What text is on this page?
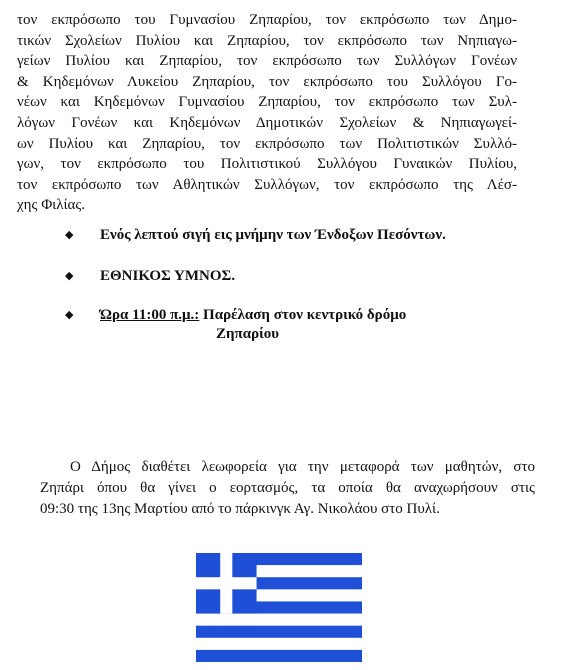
τον εκπρόσωπο του Γυμνασίου Ζηπαρίου, τον εκπρόσωπο των Δημο-
τικών Σχολείων Πυλίου και Ζηπαρίου, τον εκπρόσωπο των Νηπιαγω-
γείων Πυλίου και Ζηπαρίου, τον εκπρόσωπο των Συλλόγων Γονέων
& Κηδεμόνων Λυκείου Ζηπαρίου, τον εκπρόσωπο του Συλλόγου Γο-
νέων και Κηδεμόνων Γυμνασίου Ζηπαρίου, τον εκπρόσωπο των Συλ-
λόγων Γονέων και Κηδεμόνων Δημοτικών Σχολείων & Νηπιαγωγεί-
ων Πυλίου και Ζηπαρίου, τον εκπρόσωπο των Πολιτιστικών Συλλό-
γων, τον εκπρόσωπο του Πολιτιστικού Συλλόγου Γυναικών Πυλίου,
τον εκπρόσωπο των Αθλητικών Συλλόγων, τον εκπρόσωπο της Λέσ-
χης Φιλίας.
◆ Ενός λεπτού σιγή εις μνήμην των Ένδοξων Πεσόντων.
◆ ΕΘΝΙΚΟΣ ΥΜΝΟΣ.
◆ Ώρα 11:00 π.μ.: Παρέλαση στον κεντρικό δρόμο
Ζηπαρίου
Ο Δήμος διαθέτει λεωφορεία για την μεταφορά των μαθητών, στο
Ζηπάρι όπου θα γίνει ο εορτασμός, τα οποία θα αναχωρήσουν στις
09:30 της 13ης Μαρτίου από το πάρκινγκ Αγ. Νικολάου στο Πυλί.
